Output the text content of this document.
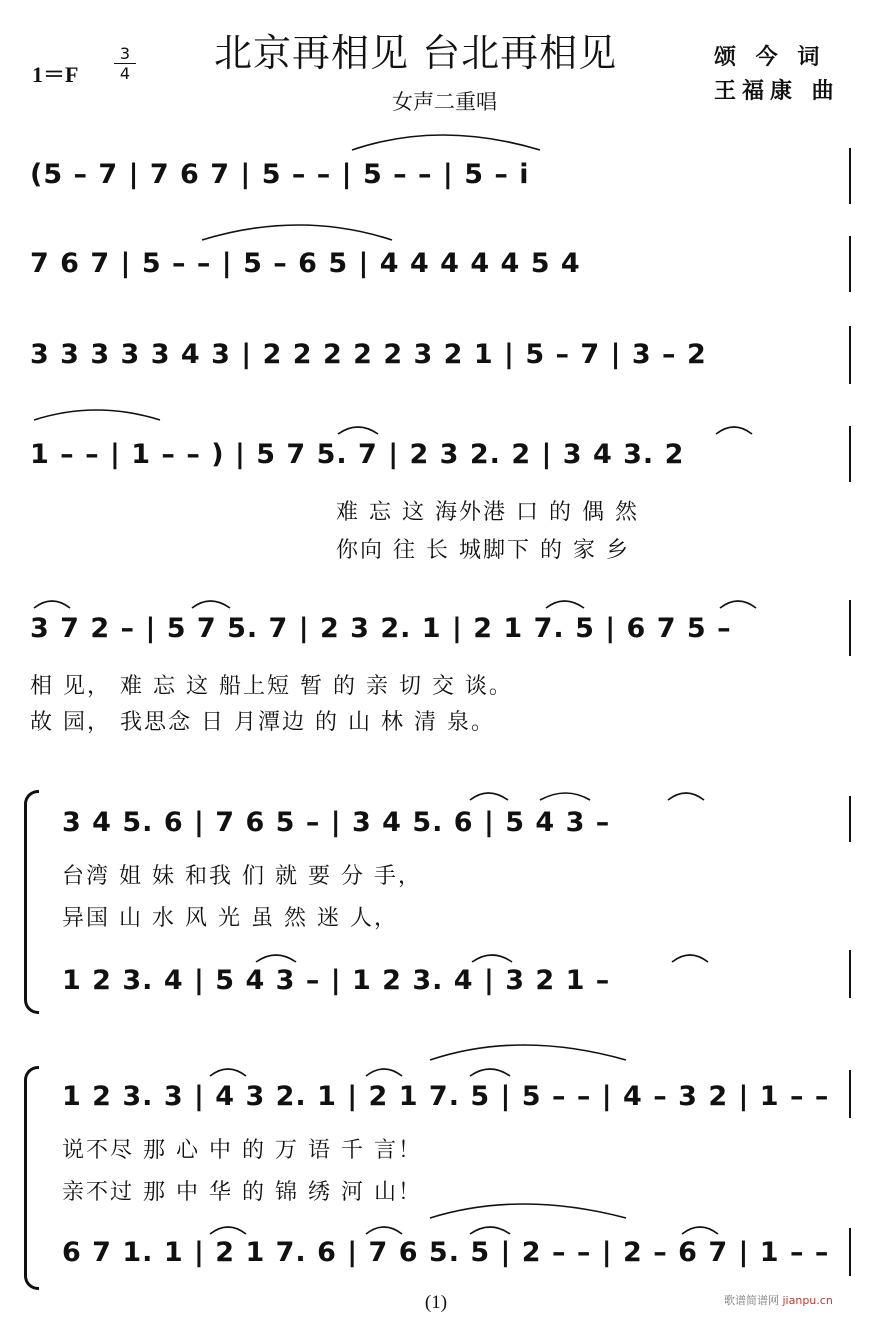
$1=F \frac{3}{4}$ 北京再相见 台北再相见
女声二重唱
颂 今 词
王福康 曲
(5 – 7 | 7 6 7 | 5 – – | 5 – – | 5 – i
7 6 7 | 5 – – | 5 – 6 5 | 4 4 4 4 4 5 4
3 3 3 3 3 4 3 | 2 2 2 2 2 3 2 1 | 5 – 7 | 3 – 2
1 – – | 1 – – ) | 5 7 5. 7 | 2 3 2. 2 | 3 4 3. 2
难 忘 这 海外港 口 的 偶 然
你向 往 长 城脚下 的 家 乡
3 7 2 – | 5 7 5. 7 | 2 3 2. 1 | 2 1 7. 5 | 6 7 5 –
相 见， 难 忘 这 船上短 暂 的 亲 切 交 谈。
故 园， 我思念 日 月潭边 的 山 林 清 泉。
3 4 5. 6 | 7 6 5 – | 3 4 5. 6 | 5 4 3 –
台湾 姐 妹 和我 们 就 要 分 手，
异国 山 水 风 光 虽 然 迷 人，
1 2 3. 4 | 5 4 3 – | 1 2 3. 4 | 3 2 1 –
1 2 3. 3 | 4 3 2. 1 | 2 1 7. 5 | 5 – – | 4 – 3 2 | 1 – –
说不尽 那 心 中 的 万 语 千 言！
亲不过 那 中 华 的 锦 绣 河 山！
6 7 1. 1 | 2 1 7. 6 | 7 6 5. 5 | 2 – – | 2 – 6 7 | 1 – –
(1)	歌谱简谱网 jianpu.cn
